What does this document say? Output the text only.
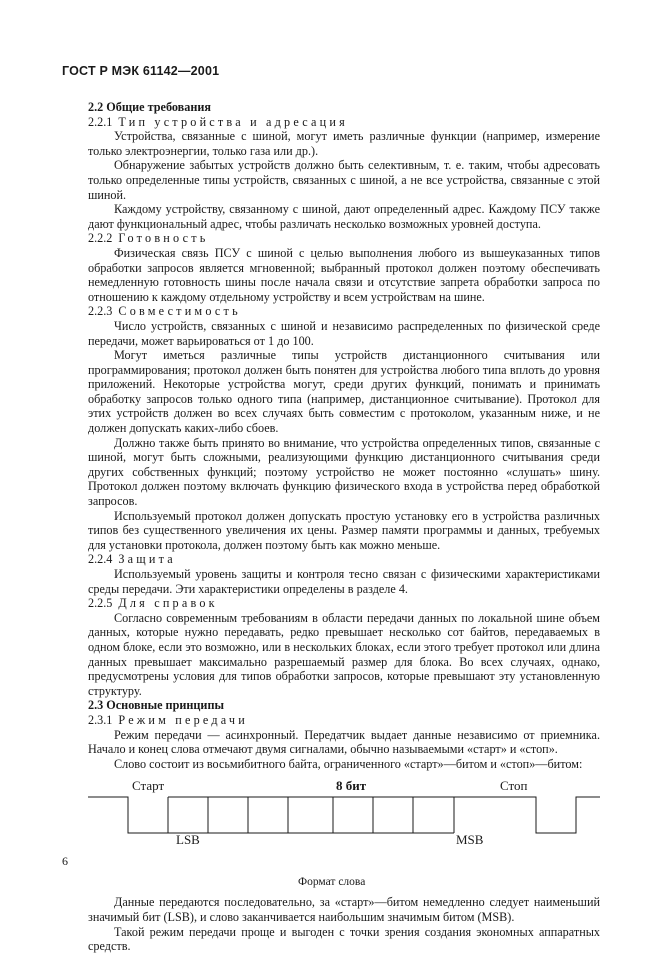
ГОСТ Р МЭК 61142—2001

2.2 Общие требования

2.2.1 Тип устройства и адресация

Устройства, связанные с шиной, могут иметь различные функции (например, измерение только электроэнергии, только газа или др.).

Обнаружение забытых устройств должно быть селективным, т. е. таким, чтобы адресовать только определенные типы устройств, связанных с шиной, а не все устройства, связанные с этой шиной.

Каждому устройству, связанному с шиной, дают определенный адрес. Каждому ПСУ также дают функциональный адрес, чтобы различать несколько возможных уровней доступа.

2.2.2 Готовность

Физическая связь ПСУ с шиной с целью выполнения любого из вышеуказанных типов обработки запросов является мгновенной; выбранный протокол должен поэтому обеспечивать немедленную готовность шины после начала связи и отсутствие запрета обработки запроса по отношению к каждому отдельному устройству и всем устройствам на шине.

2.2.3 Совместимость

Число устройств, связанных с шиной и независимо распределенных по физической среде передачи, может варьироваться от 1 до 100.

Могут иметься различные типы устройств дистанционного считывания или программирования; протокол должен быть понятен для устройства любого типа вплоть до уровня приложений. Некоторые устройства могут, среди других функций, понимать и принимать обработку запросов только одного типа (например, дистанционное считывание). Протокол для этих устройств должен во всех случаях быть совместим с протоколом, указанным ниже, и не должен допускать каких-либо сбоев.

Должно также быть принято во внимание, что устройства определенных типов, связанные с шиной, могут быть сложными, реализующими функцию дистанционного считывания среди других собственных функций; поэтому устройство не может постоянно «слушать» шину. Протокол должен поэтому включать функцию физического входа в устройства перед обработкой запросов.

Используемый протокол должен допускать простую установку его в устройства различных типов без существенного увеличения их цены. Размер памяти программы и данных, требуемых для установки протокола, должен поэтому быть как можно меньше.

2.2.4 Защита

Используемый уровень защиты и контроля тесно связан с физическими характеристиками среды передачи. Эти характеристики определены в разделе 4.

2.2.5 Для справок

Согласно современным требованиям в области передачи данных по локальной шине объем данных, которые нужно передавать, редко превышает несколько сот байтов, передаваемых в одном блоке, если это возможно, или в нескольких блоках, если этого требует протокол или длина данных превышает максимально разрешаемый размер для блока. Во всех случаях, однако, предусмотрены условия для типов обработки запросов, которые превышают эту установленную структуру.

2.3 Основные принципы

2.3.1 Режим передачи

Режим передачи — асинхронный. Передатчик выдает данные независимо от приемника. Начало и конец слова отмечают двумя сигналами, обычно называемыми «старт» и «стоп».

Слово состоит из восьмибитного байта, ограниченного «старт»—битом и «стоп»—битом:

Старт	8 бит	Стоп
LSB	MSB
Формат слова

Данные передаются последовательно, за «старт»—битом немедленно следует наименьший значимый бит (LSB), и слово заканчивается наибольшим значимым битом (MSB).

Такой режим передачи проще и выгоден с точки зрения создания экономных аппаратных средств.

6
